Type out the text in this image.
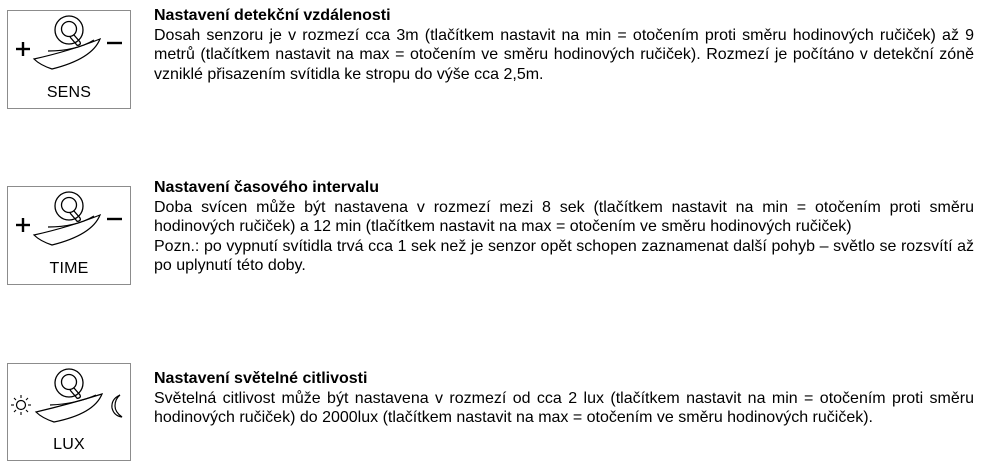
SENS
Nastavení detekční vzdálenosti
Dosah senzoru je v rozmezí cca 3m (tlačítkem nastavit na min = otočením proti směru hodinových ručiček) až 9 metrů (tlačítkem nastavit na max = otočením ve směru hodinových ručiček). Rozmezí je počítáno v detekční zóně vzniklé přisazením svítidla ke stropu do výše cca 2,5m.
TIME
Nastavení časového intervalu
Doba svícen může být nastavena v rozmezí mezi 8 sek (tlačítkem nastavit na min = otočením proti směru hodinových ručiček) a 12 min (tlačítkem nastavit na max = otočením ve směru hodinových ručiček)
Pozn.: po vypnutí svítidla trvá cca 1 sek než je senzor opět schopen zaznamenat další pohyb – světlo se rozsvítí až po uplynutí této doby.
LUX
Nastavení světelné citlivosti
Světelná citlivost může být nastavena v rozmezí od cca 2 lux (tlačítkem nastavit na min = otočením proti směru hodinových ručiček) do 2000lux (tlačítkem nastavit na max = otočením ve směru hodinových ručiček).
